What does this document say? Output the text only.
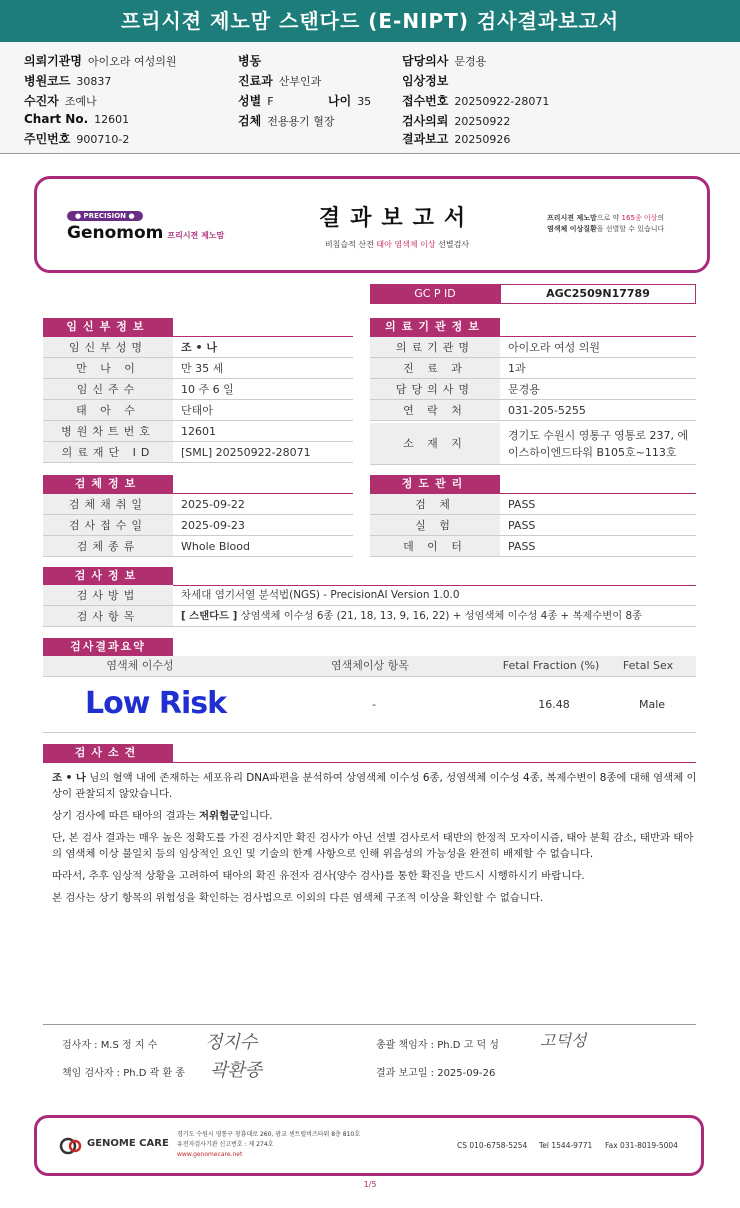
프리시젼 제노맘 스탠다드 (E-NIPT) 검사결과보고서
의뢰기관명 아이오라 여성의원
병원코드 30837
수진자 조예나
Chart No. 12601
주민번호 900710-2
병동
진료과 산부인과
성별 F	나이 35
검체 전용용기 혈장
담당의사 문경용
임상정보
접수번호 20250922-28071
검사의뢰 20250922
결과보고 20250926
● PRECISION ●
Genomom 프리시젼 제노맘
결과보고서
비침습적 산전 태아 염색체 이상 선별검사
프리시젼 제노맘으로 약 165종 이상의
염색체 이상질환을 선별할 수 있습니다
GC P ID	AGC2509N17789
임신부정보
임신부성명	조 • 나
만 나 이	만 35 세
임신주수	10 주 6 일
태 아 수	단태아
병원차트번호	12601
의료재단 ID	[SML] 20250922-28071
의료기관정보
의료기관명	아이오라 여성 의원
진 료 과	1과
담당의사명	문경용
연 락 처	031-205-5255
소 재 지
경기도 수원시 영통구 영통로 237, 에
이스하이엔드타워 B105호~113호
검체정보
검체채취일	2025-09-22
검사접수일	2025-09-23
검체종류	Whole Blood
정도관리
검 체	PASS
실 험	PASS
데 이 터	PASS
검사정보
검사방법	차세대 염기서열 분석법(NGS) - PrecisionAI Version 1.0.0
검사항목	[ 스탠다드 ] 상염색체 이수성 6종 (21, 18, 13, 9, 16, 22) + 성염색체 이수성 4종 + 복제수변이 8종
검사결과요약
염색체 이수성	염색체이상 항목	Fetal Fraction (%)	Fetal Sex
Low Risk	-	16.48	Male
검사소견
조 • 나 님의 혈액 내에 존재하는 세포유리 DNA파편을 분석하여 상염색체 이수성 6종, 성염색체 이수성 4종, 복제수변이 8종에 대해 염색체 이상이 관찰되지 않았습니다.
상기 검사에 따른 태아의 결과는 저위험군입니다.
단, 본 검사 결과는 매우 높은 정확도를 가진 검사지만 확진 검사가 아닌 선별 검사로서 태반의 한정적 모자이시즘, 태아 분획 감소, 태반과 태아의 염색체 이상 불일치 등의 임상적인 요인 및 기술의 한계 사항으로 인해 위음성의 가능성을 완전히 배제할 수 없습니다.
따라서, 추후 임상적 상황을 고려하여 태아의 확진 유전자 검사(양수 검사)를 통한 확진을 반드시 시행하시기 바랍니다.
본 검사는 상기 항목의 위험성을 확인하는 검사법으로 이외의 다른 염색체 구조적 이상을 확인할 수 없습니다.
검사자 : M.S 정 지 수	정지수
책임 검사자 : Ph.D 곽 환 종 곽환종
총괄 책임자 : Ph.D 고 덕 성	고덕성
결과 보고일 : 2025-09-26
GENOME CARE
경기도 수원시 영통구 창룡대로 260, 광교 센트럴비즈타워 8층 810호
유전자검사기관 신고번호 : 제 274호
www.genomecare.net
CS 010-6758-5254 Tel 1544-9771 Fax 031-8019-5004
1/5
